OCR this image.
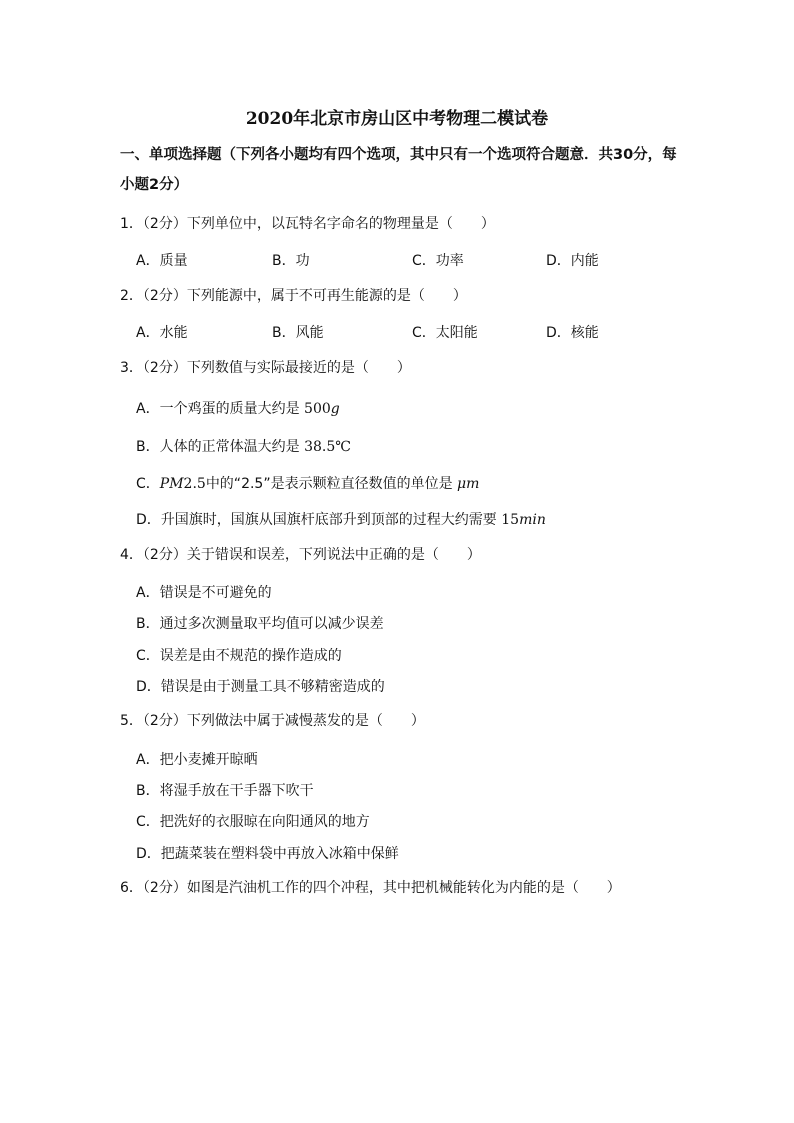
2020年北京市房山区中考物理二模试卷
一、单项选择题（下列各小题均有四个选项，其中只有一个选项符合题意．共30分，每小题2分）
1．（2分）下列单位中，以瓦特名字命名的物理量是（　　）
A．质量	B．功	C．功率	D．内能
2．（2分）下列能源中，属于不可再生能源的是（　　）
A．水能	B．风能	C．太阳能	D．核能
3．（2分）下列数值与实际最接近的是（　　）
A．一个鸡蛋的质量大约是 500g
B．人体的正常体温大约是 38.5℃
C．PM2.5中的“2.5”是表示颗粒直径数值的单位是 μm
D．升国旗时，国旗从国旗杆底部升到顶部的过程大约需要 15min
4．（2分）关于错误和误差，下列说法中正确的是（　　）
A．错误是不可避免的
B．通过多次测量取平均值可以减少误差
C．误差是由不规范的操作造成的
D．错误是由于测量工具不够精密造成的
5．（2分）下列做法中属于减慢蒸发的是（　　）
A．把小麦摊开晾晒
B．将湿手放在干手器下吹干
C．把洗好的衣服晾在向阳通风的地方
D．把蔬菜装在塑料袋中再放入冰箱中保鲜
6．（2分）如图是汽油机工作的四个冲程，其中把机械能转化为内能的是（　　）
